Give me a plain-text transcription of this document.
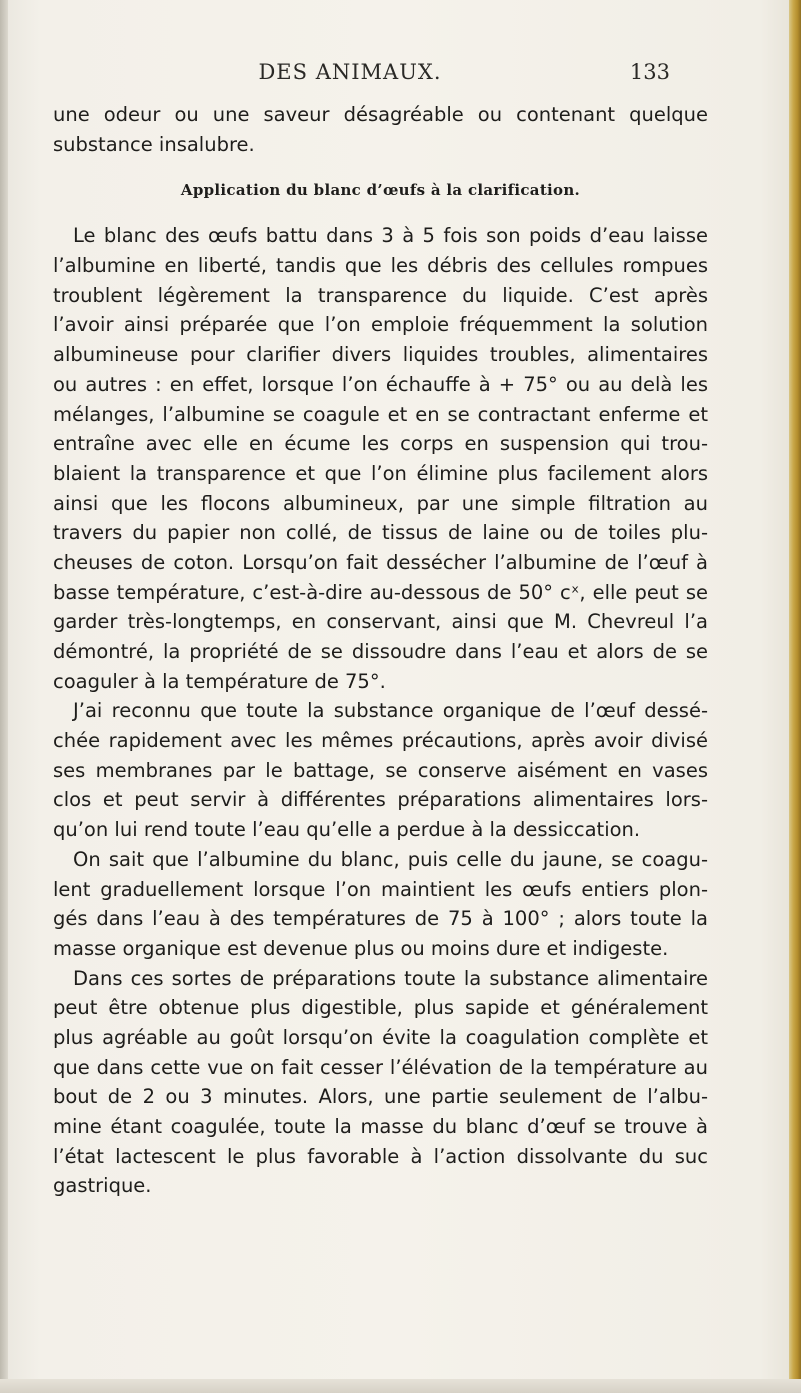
DES ANIMAUX.	133
une odeur ou une saveur désagréable ou contenant quelque
substance insalubre.
Application du blanc d’œufs à la clarification.
Le blanc des œufs battu dans 3 à 5 fois son poids d’eau laisse
l’albumine en liberté, tandis que les débris des cellules rompues
troublent légèrement la transparence du liquide. C’est après
l’avoir ainsi préparée que l’on emploie fréquemment la solution
albumineuse pour clarifier divers liquides troubles, alimentaires
ou autres : en effet, lorsque l’on échauffe à + 75° ou au delà les
mélanges, l’albumine se coagule et en se contractant enferme et
entraîne avec elle en écume les corps en suspension qui trou-
blaient la transparence et que l’on élimine plus facilement alors
ainsi que les flocons albumineux, par une simple filtration au
travers du papier non collé, de tissus de laine ou de toiles plu-
cheuses de coton. Lorsqu’on fait dessécher l’albumine de l’œuf à
basse température, c’est-à-dire au-dessous de 50° cˣ, elle peut se
garder très-longtemps, en conservant, ainsi que M. Chevreul l’a
démontré, la propriété de se dissoudre dans l’eau et alors de se
coaguler à la température de 75°.
J’ai reconnu que toute la substance organique de l’œuf dessé-
chée rapidement avec les mêmes précautions, après avoir divisé
ses membranes par le battage, se conserve aisément en vases
clos et peut servir à différentes préparations alimentaires lors-
qu’on lui rend toute l’eau qu’elle a perdue à la dessiccation.
On sait que l’albumine du blanc, puis celle du jaune, se coagu-
lent graduellement lorsque l’on maintient les œufs entiers plon-
gés dans l’eau à des températures de 75 à 100° ; alors toute la
masse organique est devenue plus ou moins dure et indigeste.
Dans ces sortes de préparations toute la substance alimentaire
peut être obtenue plus digestible, plus sapide et généralement
plus agréable au goût lorsqu’on évite la coagulation complète et
que dans cette vue on fait cesser l’élévation de la température au
bout de 2 ou 3 minutes. Alors, une partie seulement de l’albu-
mine étant coagulée, toute la masse du blanc d’œuf se trouve à
l’état lactescent le plus favorable à l’action dissolvante du suc
gastrique.
